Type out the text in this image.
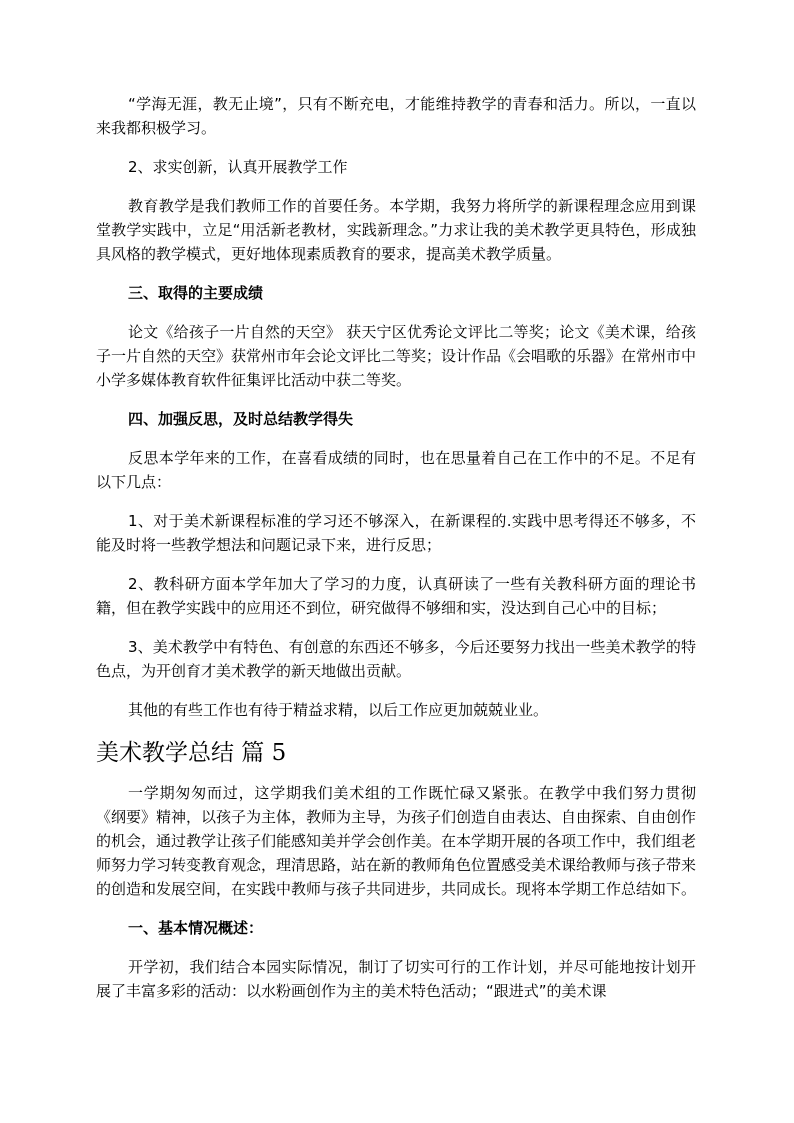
“学海无涯，教无止境”，只有不断充电，才能维持教学的青春和活力。所以，一直以来我都积极学习。

2、求实创新，认真开展教学工作

教育教学是我们教师工作的首要任务。本学期，我努力将所学的新课程理念应用到课堂教学实践中，立足“用活新老教材，实践新理念。”力求让我的美术教学更具特色，形成独具风格的教学模式，更好地体现素质教育的要求，提高美术教学质量。

三、取得的主要成绩

论文《给孩子一片自然的天空》 获天宁区优秀论文评比二等奖；论文《美术课，给孩子一片自然的天空》获常州市年会论文评比二等奖；设计作品《会唱歌的乐器》在常州市中小学多媒体教育软件征集评比活动中获二等奖。

四、加强反思，及时总结教学得失

反思本学年来的工作，在喜看成绩的同时，也在思量着自己在工作中的不足。不足有以下几点：

1、对于美术新课程标准的学习还不够深入，在新课程的.实践中思考得还不够多，不能及时将一些教学想法和问题记录下来，进行反思；

2、教科研方面本学年加大了学习的力度，认真研读了一些有关教科研方面的理论书籍，但在教学实践中的应用还不到位，研究做得不够细和实，没达到自己心中的目标；

3、美术教学中有特色、有创意的东西还不够多，今后还要努力找出一些美术教学的特色点，为开创育才美术教学的新天地做出贡献。

其他的有些工作也有待于精益求精，以后工作应更加兢兢业业。

美术教学总结 篇 5

一学期匆匆而过，这学期我们美术组的工作既忙碌又紧张。在教学中我们努力贯彻《纲要》精神，以孩子为主体，教师为主导，为孩子们创造自由表达、自由探索、自由创作的机会，通过教学让孩子们能感知美并学会创作美。在本学期开展的各项工作中，我们组老师努力学习转变教育观念，理清思路，站在新的教师角色位置感受美术课给教师与孩子带来的创造和发展空间，在实践中教师与孩子共同进步，共同成长。现将本学期工作总结如下。

一、基本情况概述：

开学初，我们结合本园实际情况，制订了切实可行的工作计划，并尽可能地按计划开展了丰富多彩的活动：以水粉画创作为主的美术特色活动；“跟进式”的美术课
